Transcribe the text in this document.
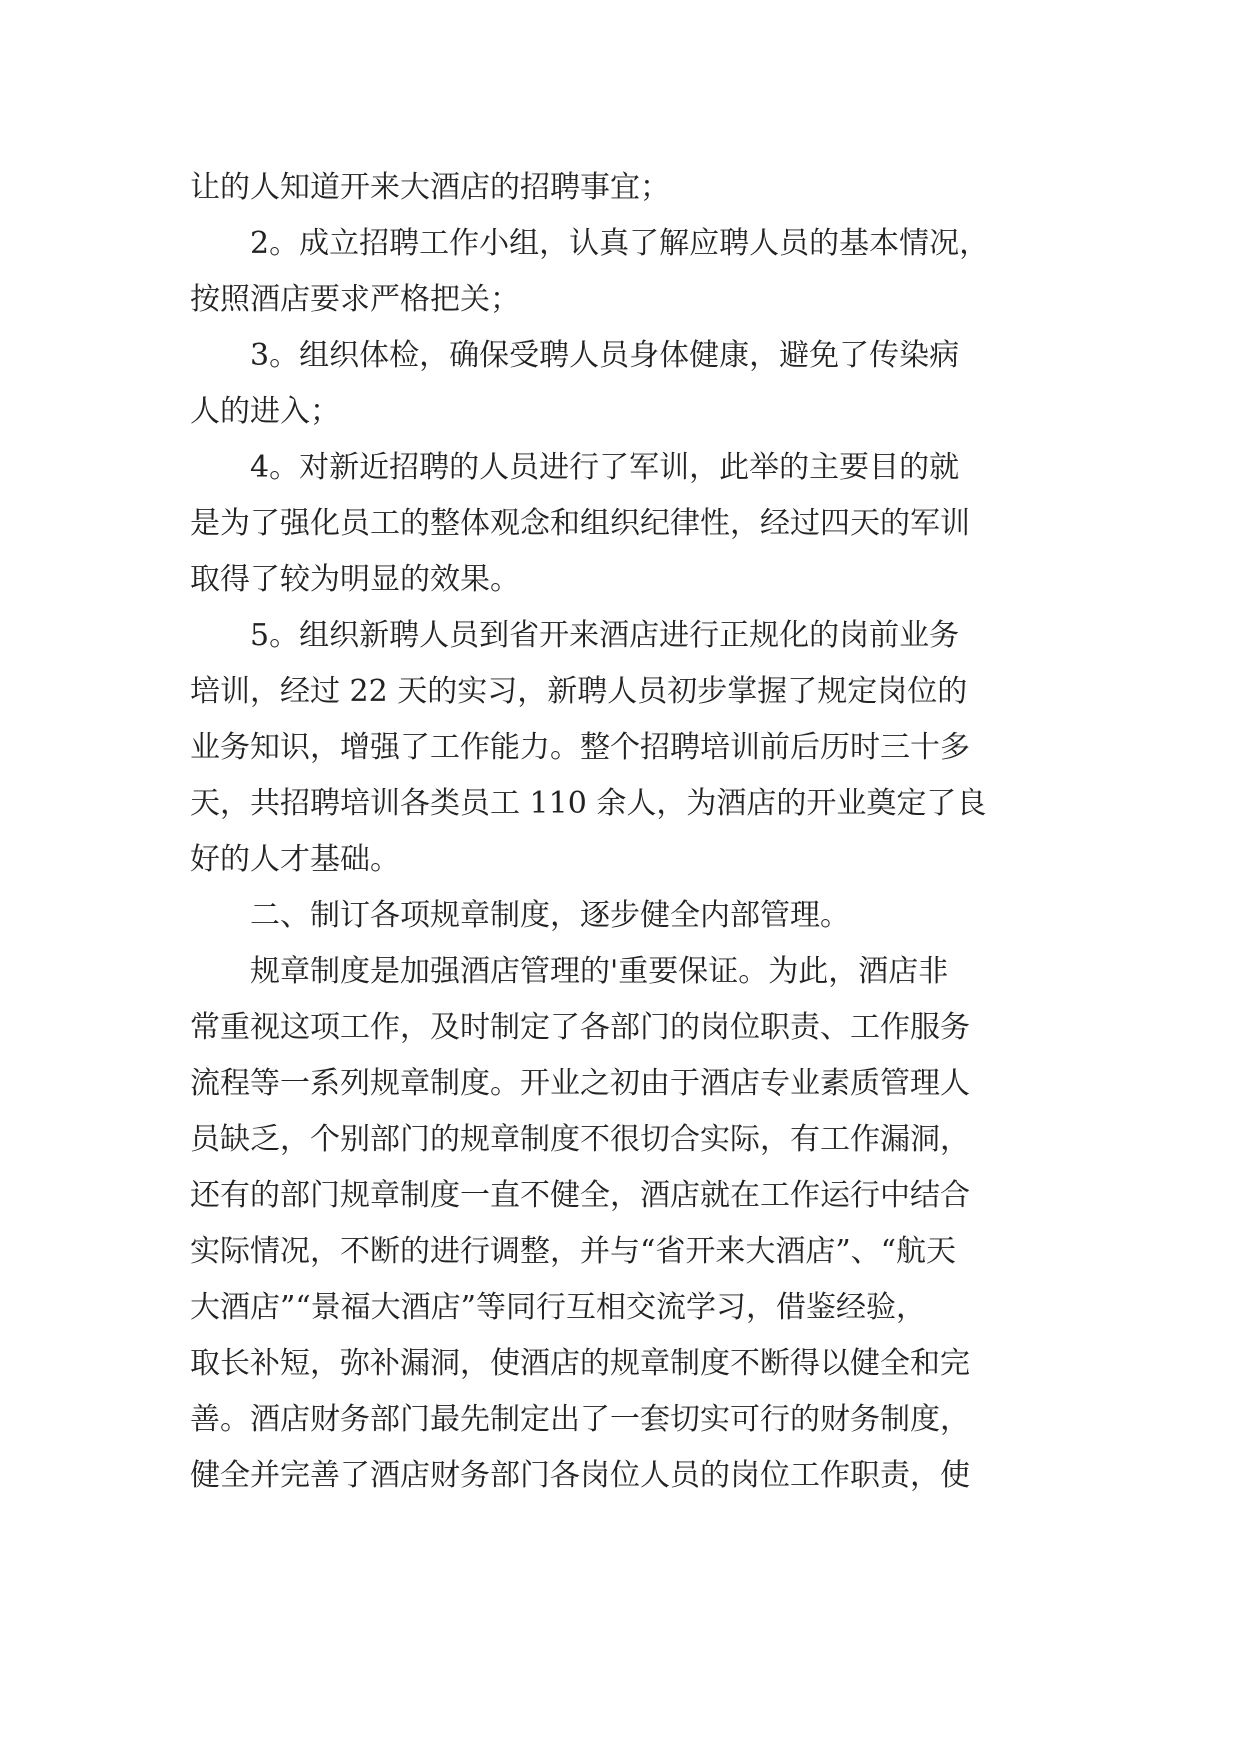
让的人知道开来大酒店的招聘事宜；
2。成立招聘工作小组，认真了解应聘人员的基本情况，
按照酒店要求严格把关；
3。组织体检，确保受聘人员身体健康，避免了传染病
人的进入；
4。对新近招聘的人员进行了军训，此举的主要目的就
是为了强化员工的整体观念和组织纪律性，经过四天的军训
取得了较为明显的效果。
5。组织新聘人员到省开来酒店进行正规化的岗前业务
培训，经过 22 天的实习，新聘人员初步掌握了规定岗位的
业务知识，增强了工作能力。整个招聘培训前后历时三十多
天，共招聘培训各类员工 110 余人，为酒店的开业奠定了良
好的人才基础。
二、制订各项规章制度，逐步健全内部管理。
规章制度是加强酒店管理的'重要保证。为此，酒店非
常重视这项工作，及时制定了各部门的岗位职责、工作服务
流程等一系列规章制度。开业之初由于酒店专业素质管理人
员缺乏，个别部门的规章制度不很切合实际，有工作漏洞，
还有的部门规章制度一直不健全，酒店就在工作运行中结合
实际情况，不断的进行调整，并与“省开来大酒店”、“航天
大酒店”“景福大酒店”等同行互相交流学习，借鉴经验，
取长补短，弥补漏洞，使酒店的规章制度不断得以健全和完
善。酒店财务部门最先制定出了一套切实可行的财务制度，
健全并完善了酒店财务部门各岗位人员的岗位工作职责，使
